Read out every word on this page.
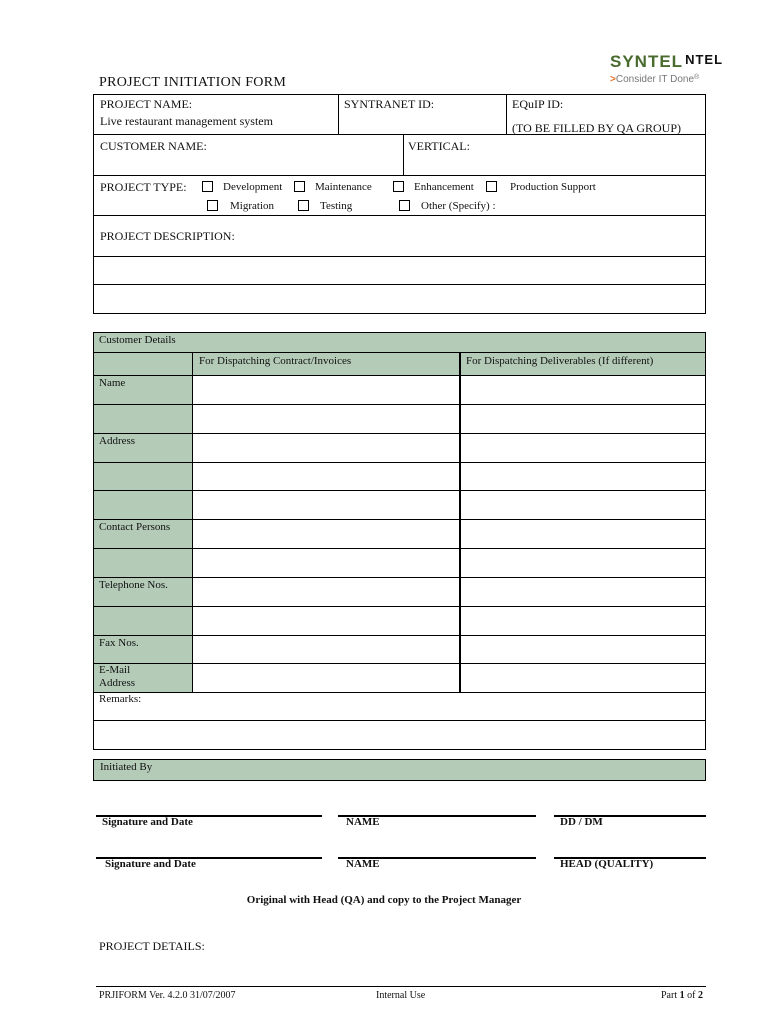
SYNTEL NTEL
>Consider IT Done®
PROJECT INITIATION FORM
PROJECT NAME:
Live restaurant management system
SYNTRANET ID:	EQuIP ID:
(TO BE FILLED BY QA GROUP)
CUSTOMER NAME:	VERTICAL:
PROJECT TYPE:	Development	Maintenance	Enhancement	Production Support
Migration	Testing	Other (Specify) :
PROJECT DESCRIPTION:
Customer Details
For Dispatching Contract/Invoices	For Dispatching Deliverables (If different)
Name
Address
Contact Persons
Telephone Nos.
Fax Nos.
E-Mail
Address
Remarks:
Initiated By
Signature and Date	NAME	DD / DM
Signature and Date	NAME	HEAD (QUALITY)
Original with Head (QA) and copy to the Project Manager
PROJECT DETAILS:
PRJIFORM Ver. 4.2.0 31/07/2007	Internal Use	Part 1 of 2
